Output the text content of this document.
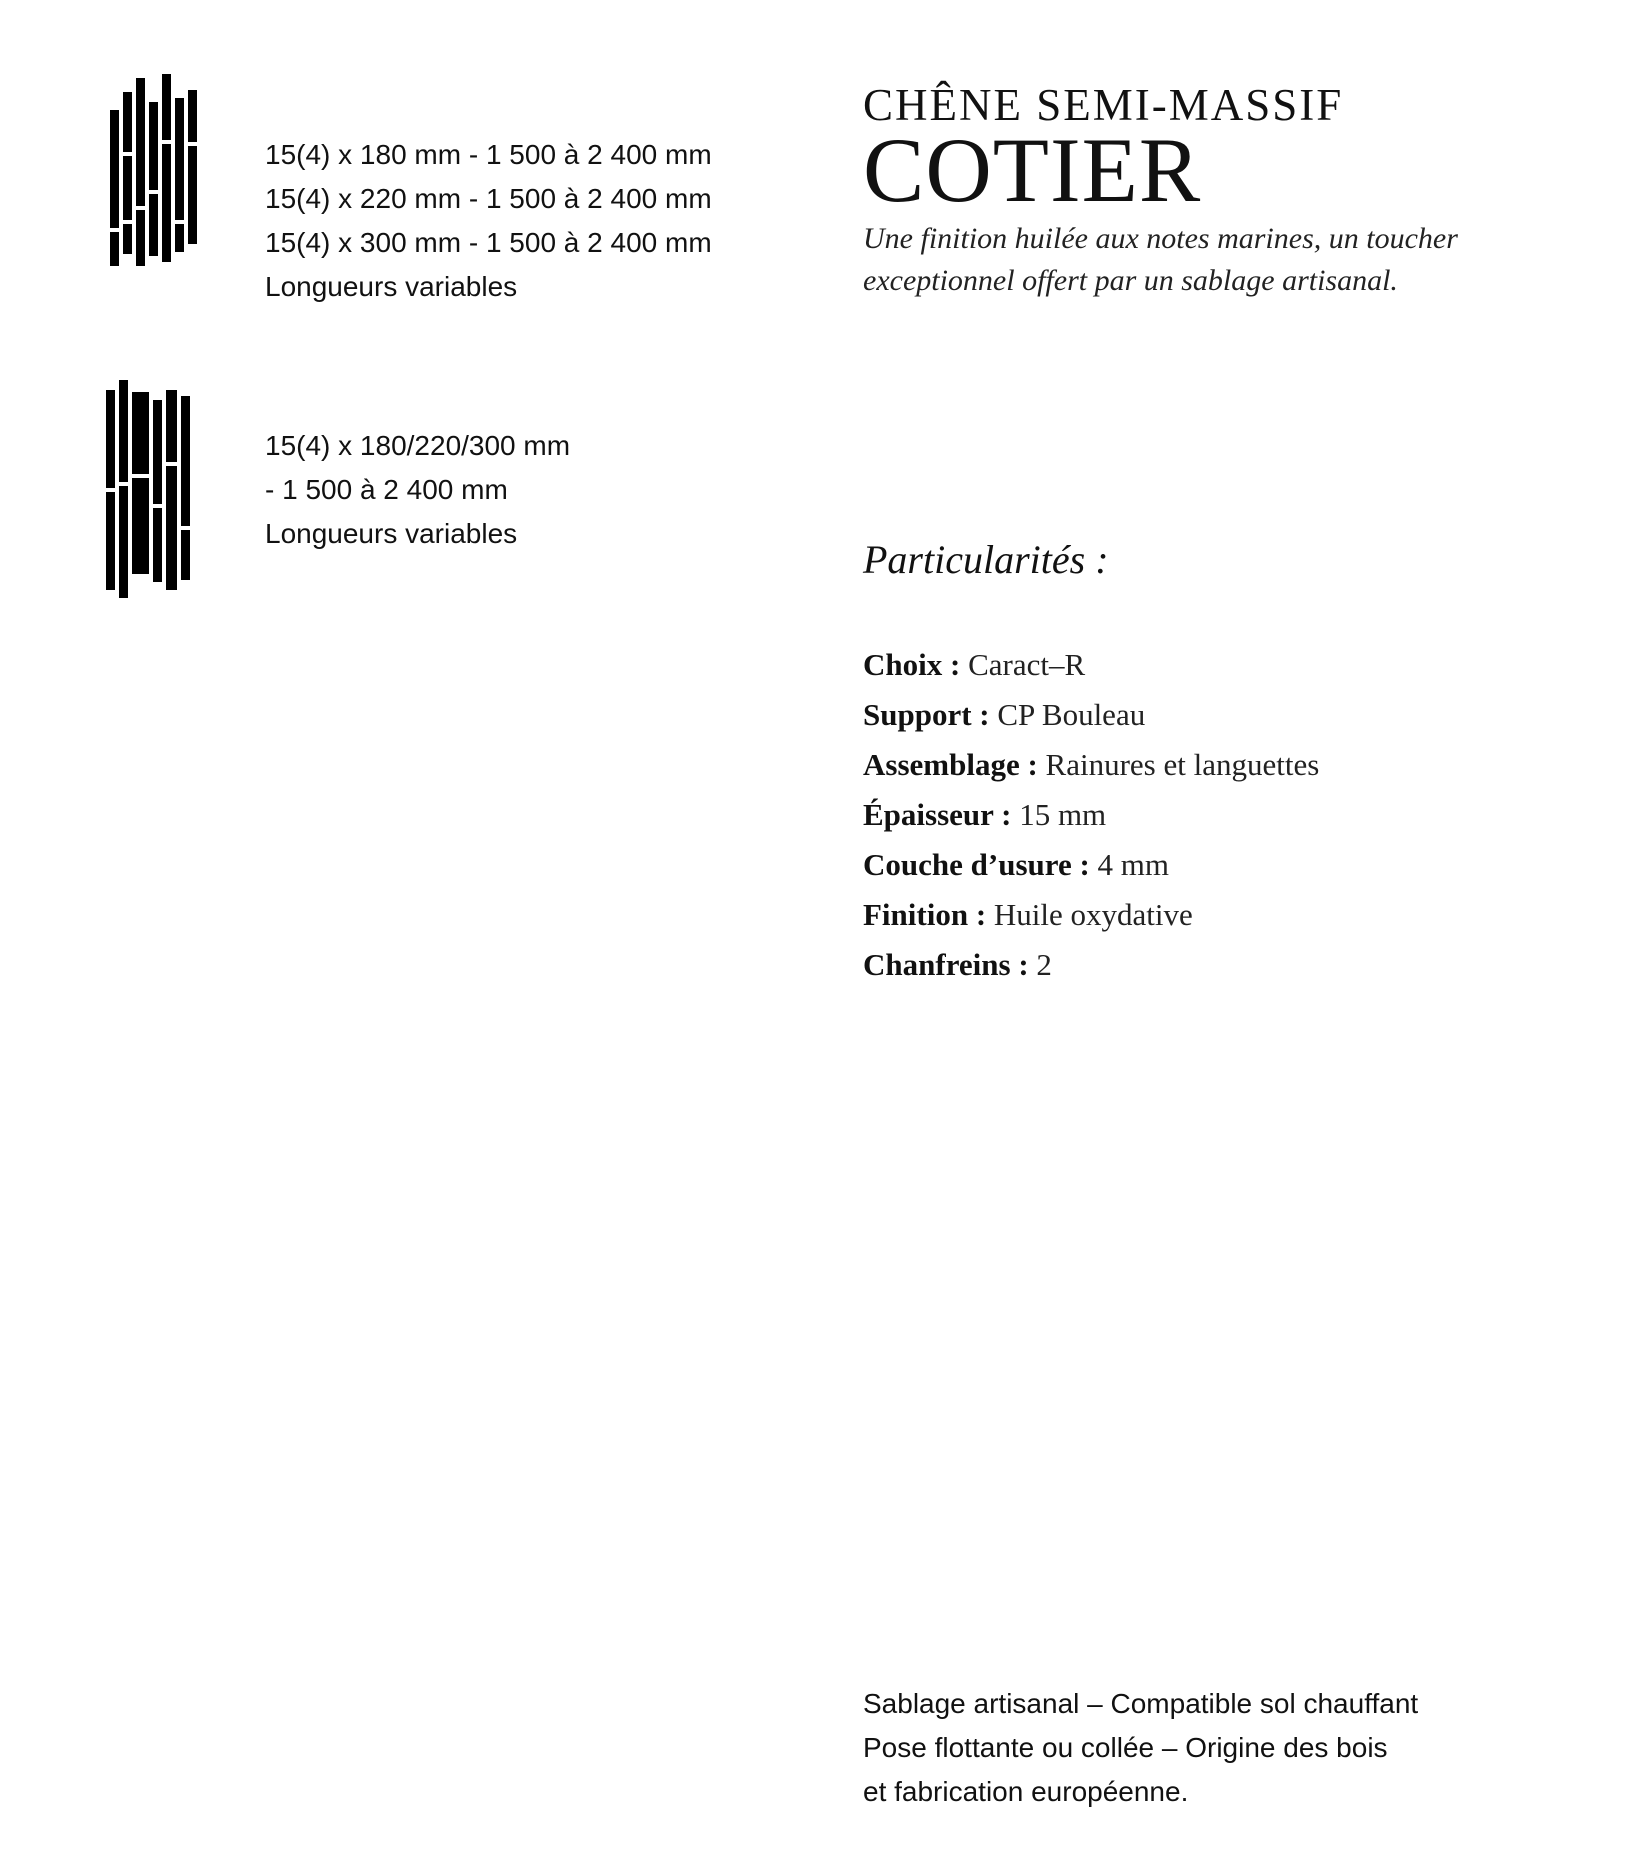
15(4) x 180 mm - 1 500 à 2 400 mm
15(4) x 220 mm - 1 500 à 2 400 mm
15(4) x 300 mm - 1 500 à 2 400 mm
Longueurs variables
15(4) x 180/220/300 mm
- 1 500 à 2 400 mm
Longueurs variables
CHÊNE SEMI-MASSIF
COTIER
Une finition huilée aux notes marines, un toucher exceptionnel offert par un sablage artisanal.
Particularités :
Choix : Caract–R
Support : CP Bouleau
Assemblage : Rainures et languettes
Épaisseur : 15 mm
Couche d’usure : 4 mm
Finition : Huile oxydative
Chanfreins : 2
Sablage artisanal – Compatible sol chauffant
Pose flottante ou collée – Origine des bois
et fabrication européenne.
